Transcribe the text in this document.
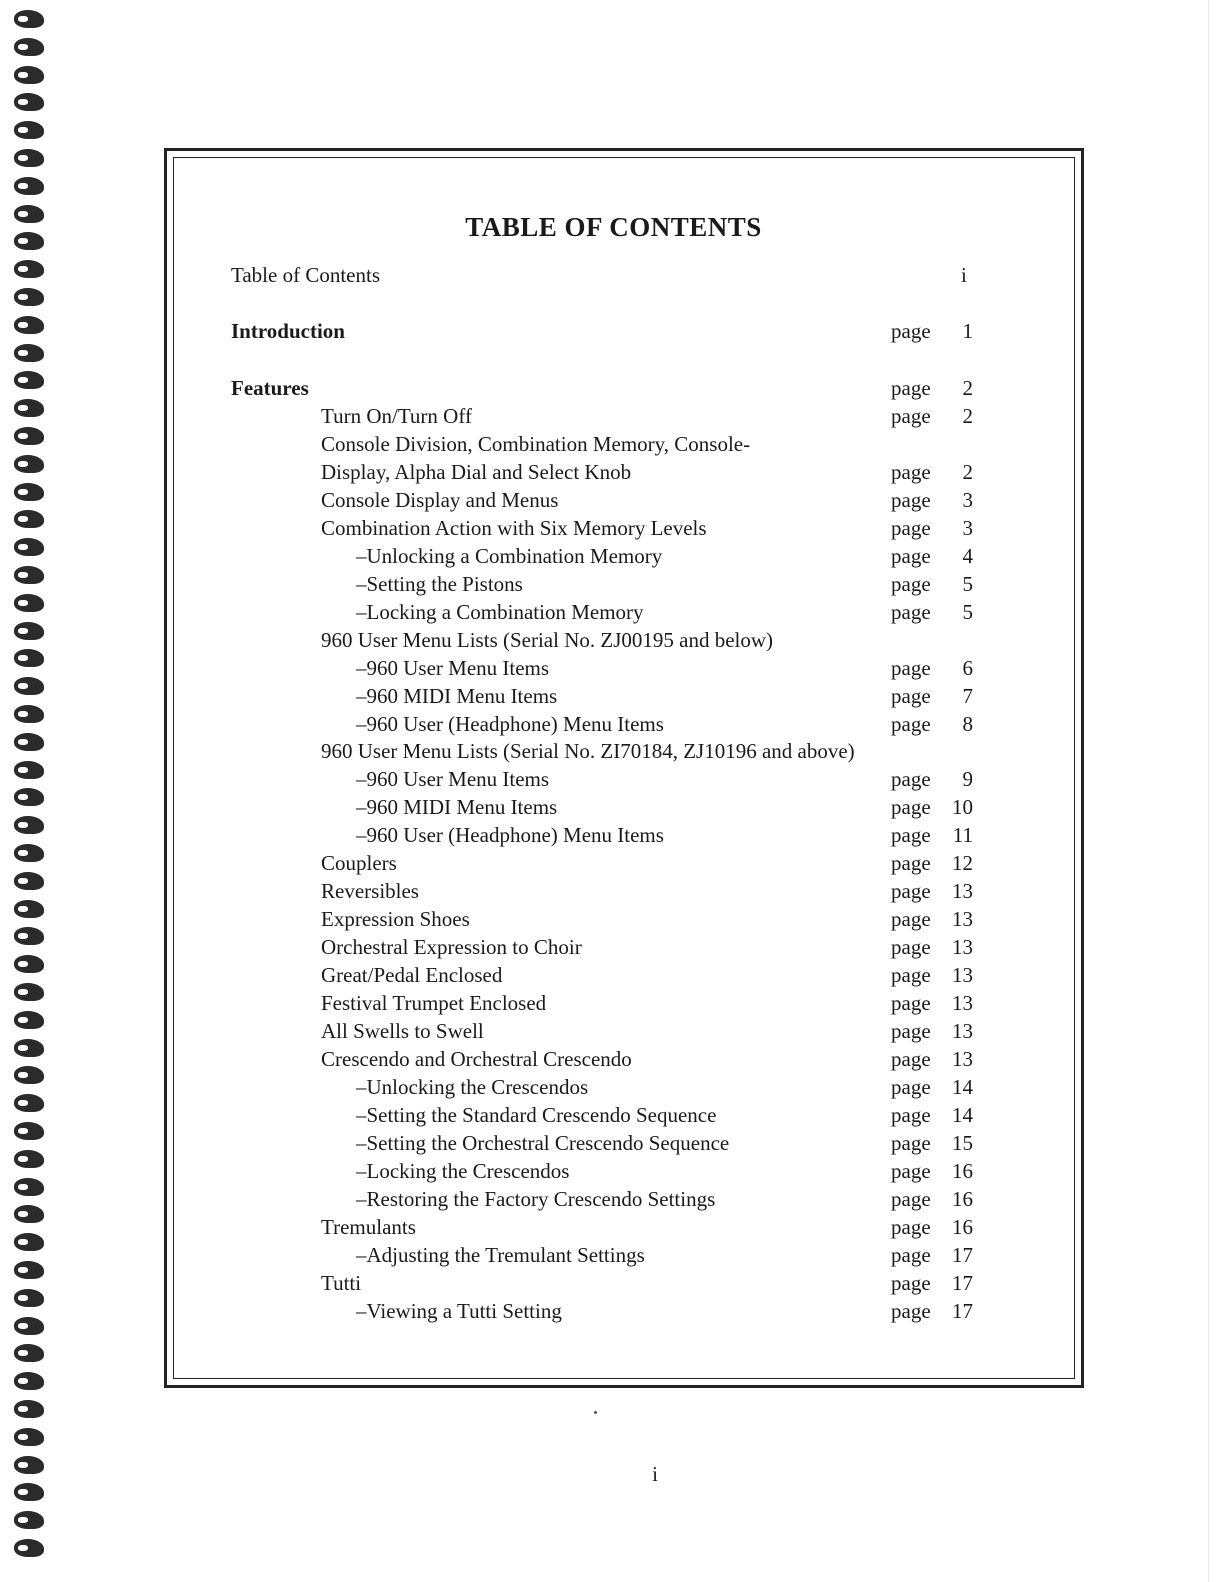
TABLE OF CONTENTS
Table of Contents	i
Introduction	page 1
Features	page 2
Turn On/Turn Off	page 2
Console Division, Combination Memory, Console-
Display, Alpha Dial and Select Knob	page 2
Console Display and Menus	page 3
Combination Action with Six Memory Levels	page 3
–Unlocking a Combination Memory	page 4
–Setting the Pistons	page 5
–Locking a Combination Memory	page 5
960 User Menu Lists (Serial No. ZJ00195 and below)
–960 User Menu Items	page 6
–960 MIDI Menu Items	page 7
–960 User (Headphone) Menu Items	page 8
960 User Menu Lists (Serial No. ZI70184, ZJ10196 and above)
–960 User Menu Items	page 9
–960 MIDI Menu Items	page 10
–960 User (Headphone) Menu Items	page 11
Couplers	page 12
Reversibles	page 13
Expression Shoes	page 13
Orchestral Expression to Choir	page 13
Great/Pedal Enclosed	page 13
Festival Trumpet Enclosed	page 13
All Swells to Swell	page 13
Crescendo and Orchestral Crescendo	page 13
–Unlocking the Crescendos	page 14
–Setting the Standard Crescendo Sequence	page 14
–Setting the Orchestral Crescendo Sequence	page 15
–Locking the Crescendos	page 16
–Restoring the Factory Crescendo Settings	page 16
Tremulants	page 16
–Adjusting the Tremulant Settings	page 17
Tutti	page 17
–Viewing a Tutti Setting	page 17
i
